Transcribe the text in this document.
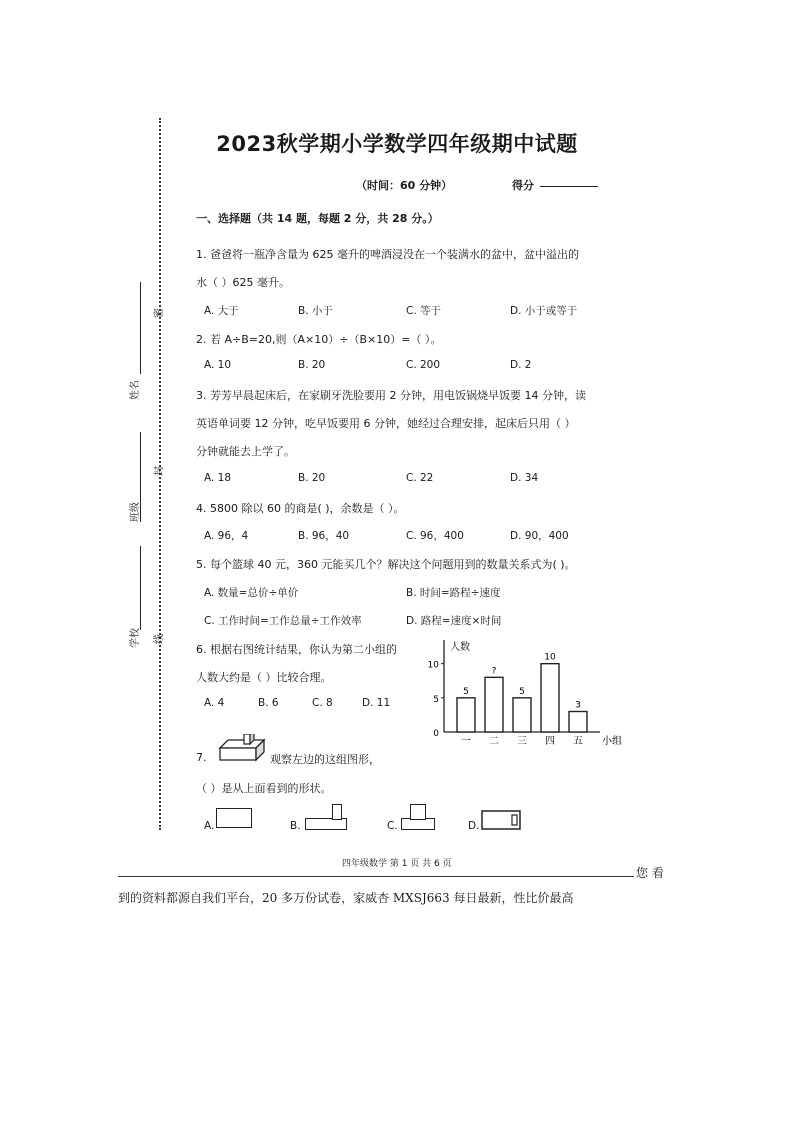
姓名
班级
学校
密
封
线
2023秋学期小学数学四年级期中试题
（时间：60 分钟）	得分
一、选择题（共 14 题，每题 2 分，共 28 分。）
1. 爸爸将一瓶净含量为 625 毫升的啤酒浸没在一个装满水的盆中，盆中溢出的
水（ ）625 毫升。
A. 大于	B. 小于	C. 等于	D. 小于或等于
2. 若 A÷B=20,则（A×10）÷（B×10）=（ ）。
A. 10	B. 20	C. 200	D. 2
3. 芳芳早晨起床后，在家刷牙洗脸要用 2 分钟，用电饭锅烧早饭要 14 分钟，读
英语单词要 12 分钟，吃早饭要用 6 分钟，她经过合理安排，起床后只用（ ）
分钟就能去上学了。
A. 18	B. 20	C. 22	D. 34
4. 5800 除以 60 的商是( )，余数是（ ）。
A. 96，4	B. 96，40	C. 96，400	D. 90，400
5. 每个篮球 40 元，360 元能买几个？解决这个问题用到的数量关系式为( )。
A. 数量=总价÷单价	B. 时间=路程÷速度
C. 工作时间=工作总量÷工作效率	D. 路程=速度×时间
6. 根据右图统计结果，你认为第二小组的
人数大约是（ ）比较合理。
A. 4	B. 6	C. 8	D. 11
人数
小组
0
5
10
5
一
?
二
5
三
10
四
3
五
7.	观察左边的这组图形，
（ ）是从上面看到的形状。
A.	B.	C.	D.
四年级数学 第 1 页 共 6 页
您 看
到的资料都源自我们平台，20 多万份试卷，家威杏 MXSJ663 每日最新，性比价最高
